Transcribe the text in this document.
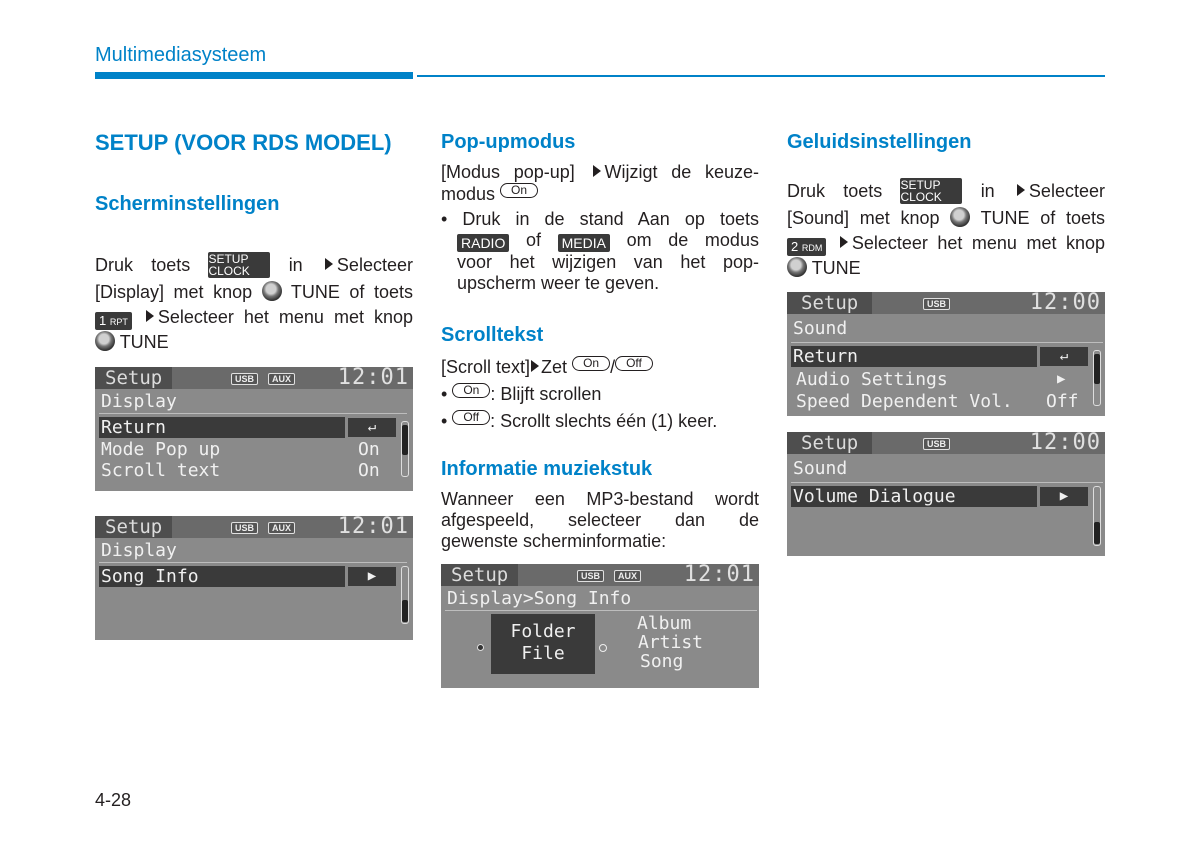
Multimediasysteem
SETUP (VOOR RDS MODEL)
Scherminstellingen
Druk toets SETUP
CLOCK	in Selecteer
[Display] met knop TUNE of toets
1 RPT Selecteer het menu met knop
TUNE
Setup	USB	AUX 12:01
Display
Return	↵
Mode Pop up	On
Scroll text	On
Setup	USB	AUX 12:01
Display
Song Info	▶
Pop-upmodus
[Modus pop-up] Wijzigt de keuze-
modus On
• Druk in de stand Aan op toets
RADIO of MEDIA om de modus
voor het wijzigen van het pop-
upscherm weer te geven.
Scrolltekst
[Scroll text] Zet On / Off
• On : Blijft scrollen
• Off : Scrollt slechts één (1) keer.
Informatie muziekstuk
Wanneer een MP3-bestand wordt
afgespeeld, selecteer dan de
gewenste scherminformatie:
Setup	USB	AUX 12:01
Display>Song Info
Folder
File
Album
Artist
Song
Geluidsinstellingen
Druk toets SETUP
CLOCK	in Selecteer
[Sound] met knop TUNE of toets
2 RDM Selecteer het menu met knop
TUNE
Setup	USB	12:00
Sound
Return	↵
Audio Settings	▶
Speed Dependent Vol. Off
Setup	USB	12:00
Sound
Volume Dialogue	▶
4-28
